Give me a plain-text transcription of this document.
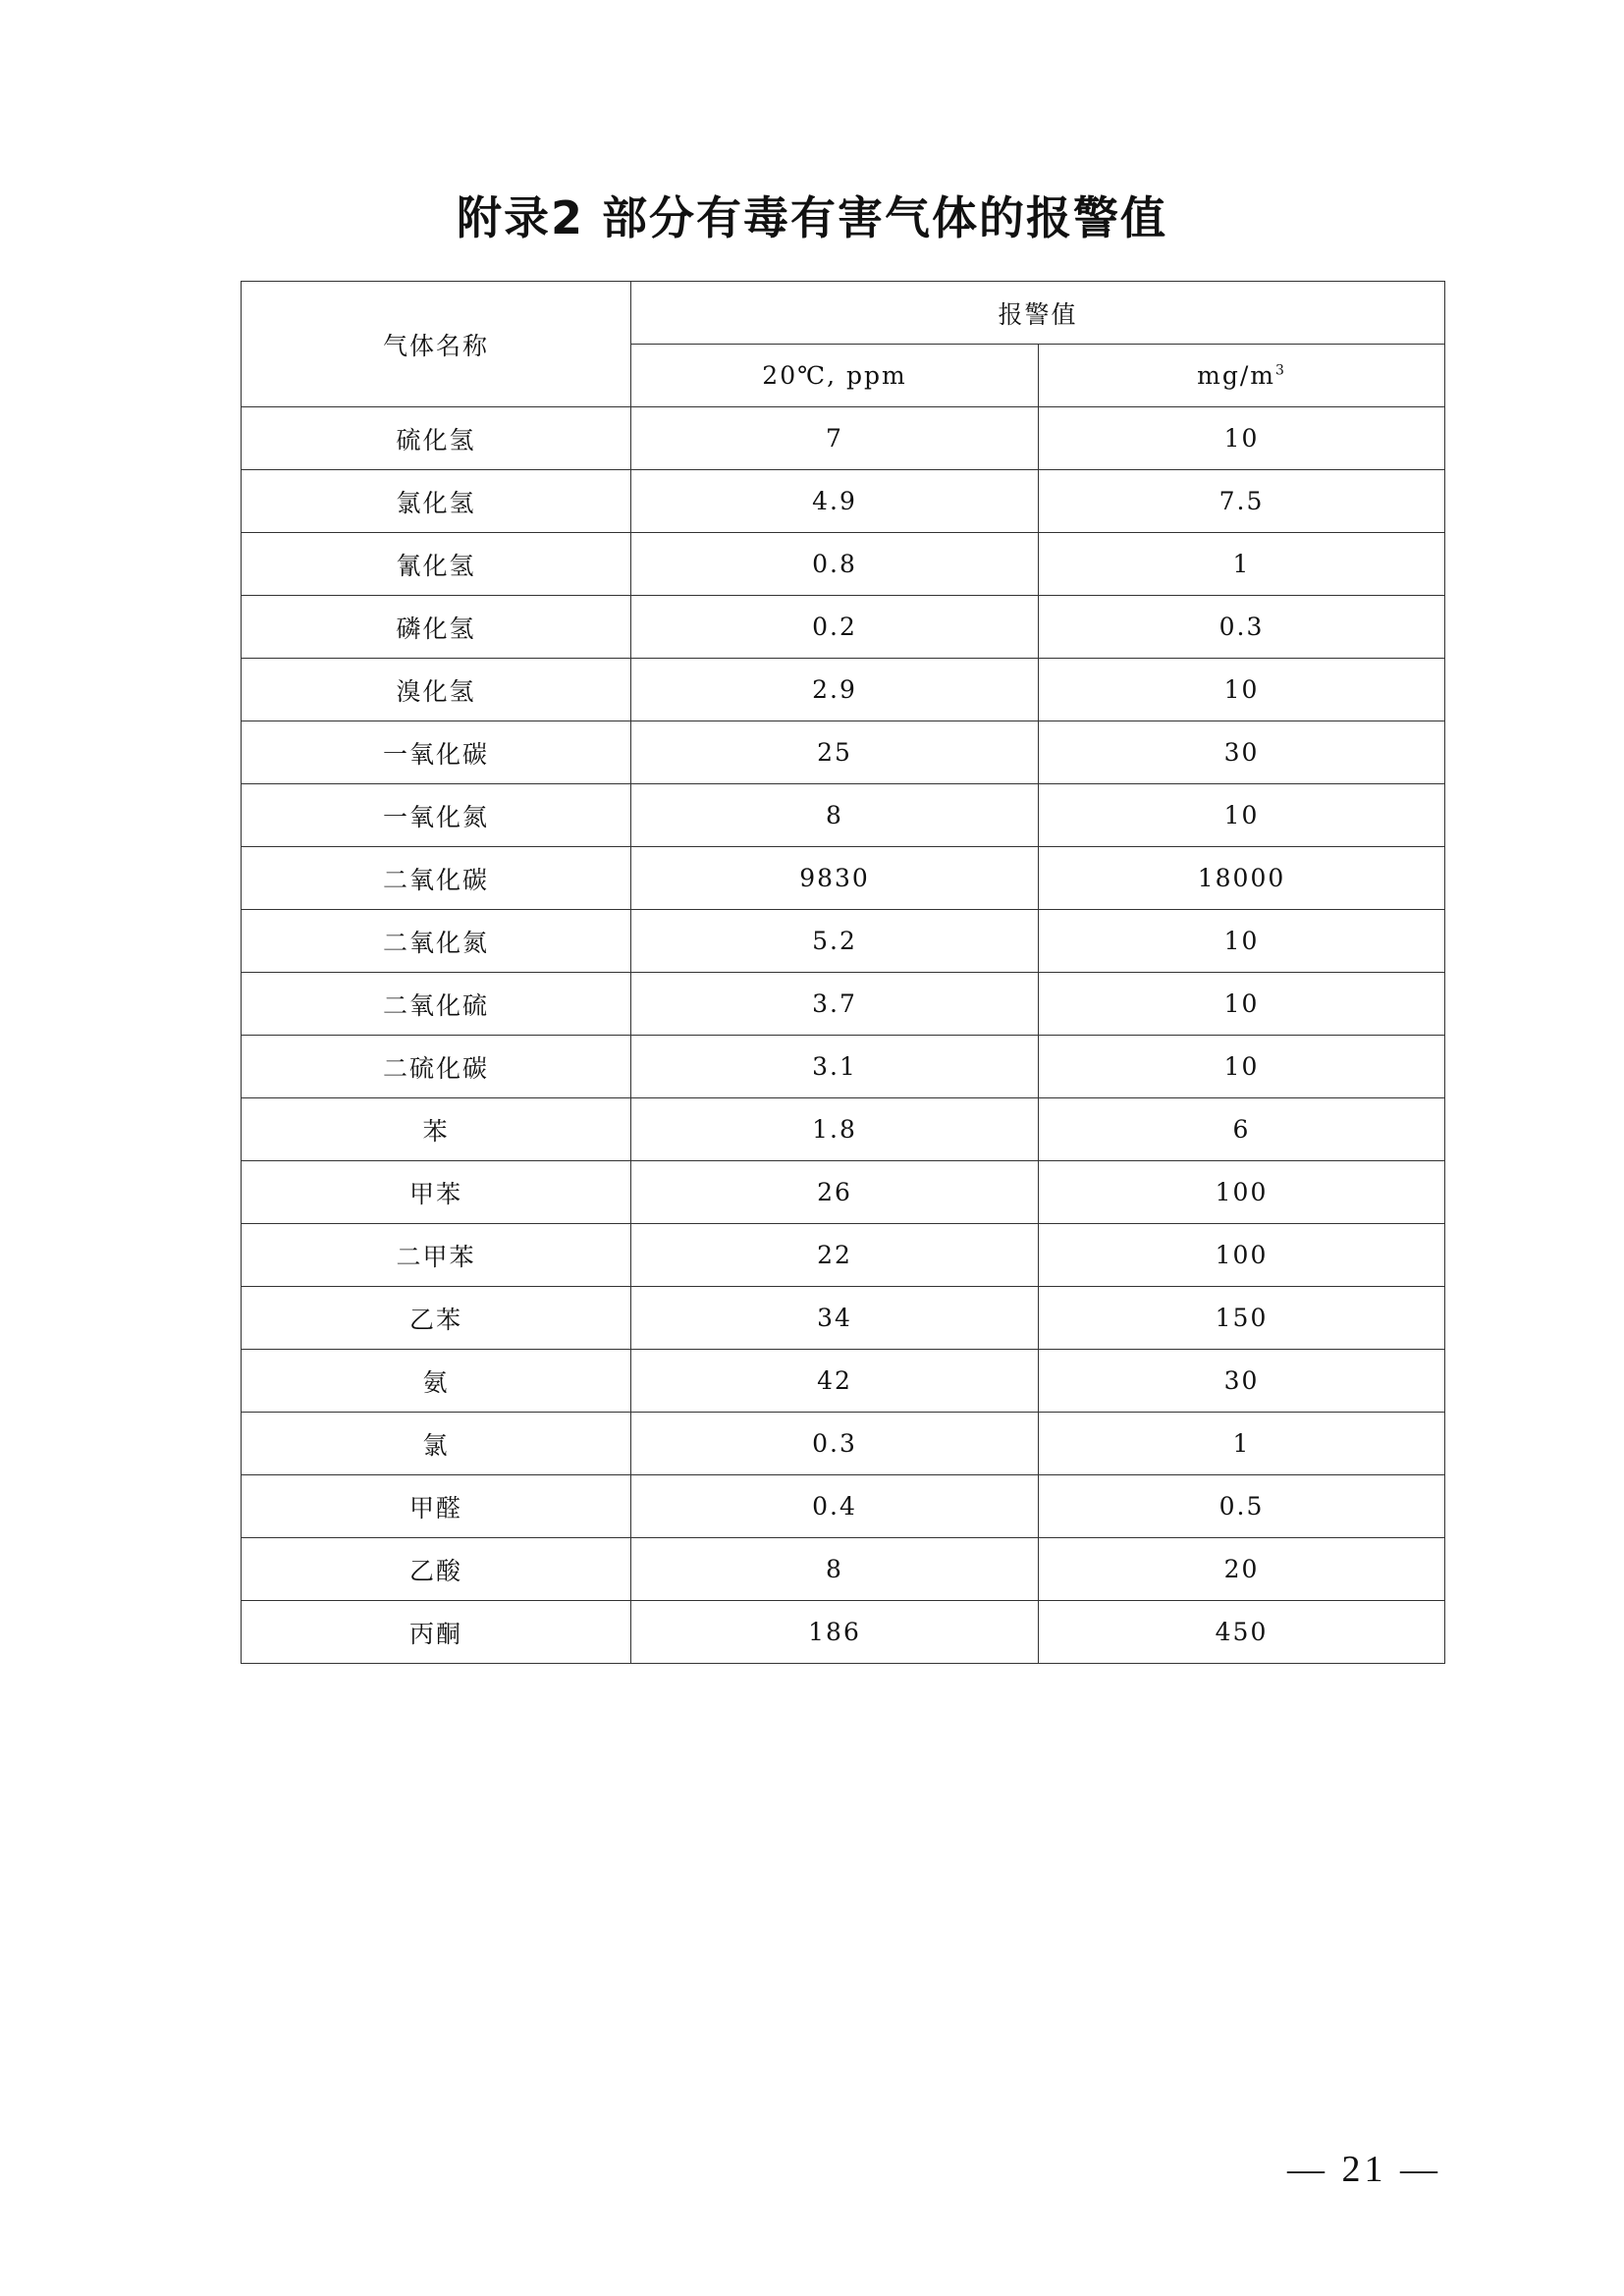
附录2 部分有毒有害气体的报警值
气体名称	报警值	
	20℃, ppm	$mg/m^3$
硫化氢	7	10
氯化氢	4.9	7.5
氰化氢	0.8	1
磷化氢	0.2	0.3
溴化氢	2.9	10
一氧化碳	25	30
一氧化氮	8	10
二氧化碳	9830	18000
二氧化氮	5.2	10
二氧化硫	3.7	10
二硫化碳	3.1	10
苯	1.8	6
甲苯	26	100
二甲苯	22	100
乙苯	34	150
氨	42	30
氯	0.3	1
甲醛	0.4	0.5
乙酸	8	20
丙酮	186	450
— 21 —
